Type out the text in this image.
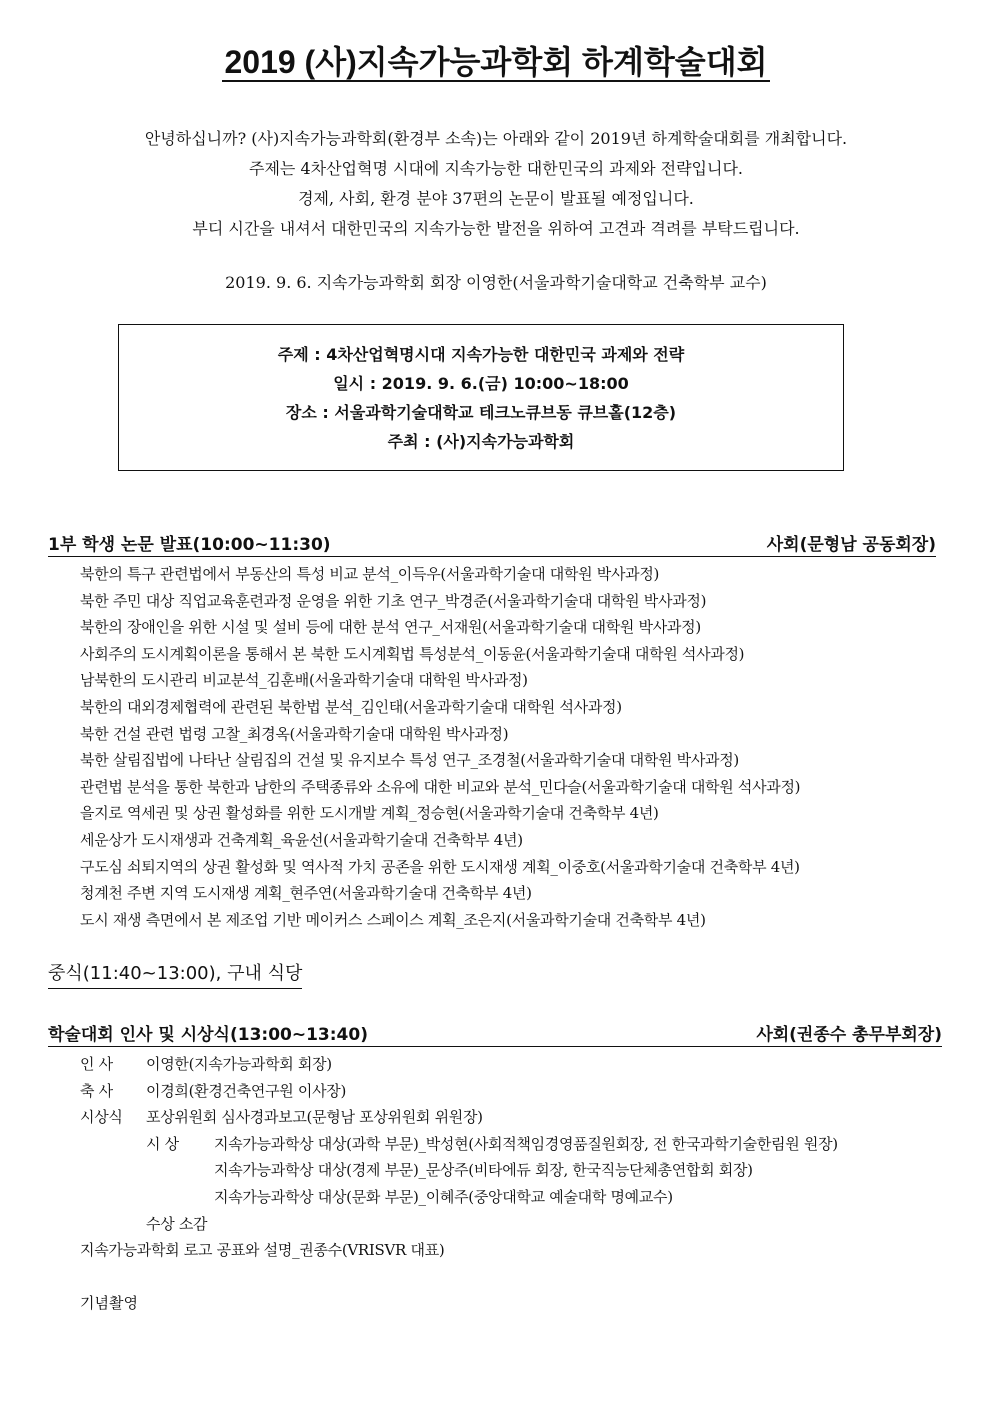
2019 (사)지속가능과학회 하계학술대회
안녕하십니까? (사)지속가능과학회(환경부 소속)는 아래와 같이 2019년 하계학술대회를 개최합니다.
주제는 4차산업혁명 시대에 지속가능한 대한민국의 과제와 전략입니다.
경제, 사회, 환경 분야 37편의 논문이 발표될 예정입니다.
부디 시간을 내셔서 대한민국의 지속가능한 발전을 위하여 고견과 격려를 부탁드립니다.
2019. 9. 6. 지속가능과학회 회장 이영한(서울과학기술대학교 건축학부 교수)
주제 : 4차산업혁명시대 지속가능한 대한민국 과제와 전략
일시 : 2019. 9. 6.(금) 10:00~18:00
장소 : 서울과학기술대학교 테크노큐브동 큐브홀(12층)
주최 : (사)지속가능과학회
1부 학생 논문 발표(10:00~11:30)	사회(문형남 공동회장)
북한의 특구 관련법에서 부동산의 특성 비교 분석_이득우(서울과학기술대 대학원 박사과정)
북한 주민 대상 직업교육훈련과정 운영을 위한 기초 연구_박경준(서울과학기술대 대학원 박사과정)
북한의 장애인을 위한 시설 및 설비 등에 대한 분석 연구_서재원(서울과학기술대 대학원 박사과정)
사회주의 도시계획이론을 통해서 본 북한 도시계획법 특성분석_이동윤(서울과학기술대 대학원 석사과정)
남북한의 도시관리 비교분석_김훈배(서울과학기술대 대학원 박사과정)
북한의 대외경제협력에 관련된 북한법 분석_김인태(서울과학기술대 대학원 석사과정)
북한 건설 관련 법령 고찰_최경옥(서울과학기술대 대학원 박사과정)
북한 살림집법에 나타난 살림집의 건설 및 유지보수 특성 연구_조경철(서울과학기술대 대학원 박사과정)
관련법 분석을 통한 북한과 남한의 주택종류와 소유에 대한 비교와 분석_민다슬(서울과학기술대 대학원 석사과정)
을지로 역세권 및 상권 활성화를 위한 도시개발 계획_정승현(서울과학기술대 건축학부 4년)
세운상가 도시재생과 건축계획_육윤선(서울과학기술대 건축학부 4년)
구도심 쇠퇴지역의 상권 활성화 및 역사적 가치 공존을 위한 도시재생 계획_이중호(서울과학기술대 건축학부 4년)
청계천 주변 지역 도시재생 계획_현주연(서울과학기술대 건축학부 4년)
도시 재생 측면에서 본 제조업 기반 메이커스 스페이스 계획_조은지(서울과학기술대 건축학부 4년)
중식(11:40~13:00), 구내 식당
학술대회 인사 및 시상식(13:00~13:40)	사회(권종수 총무부회장)
인 사 이영한(지속가능과학회 회장)
축 사 이경희(환경건축연구원 이사장)
시상식 포상위원회 심사경과보고(문형남 포상위원회 위원장)
시 상 지속가능과학상 대상(과학 부문)_박성현(사회적책임경영품질원회장, 전 한국과학기술한림원 원장)
지속가능과학상 대상(경제 부문)_문상주(비타에듀 회장, 한국직능단체총연합회 회장)
지속가능과학상 대상(문화 부문)_이혜주(중앙대학교 예술대학 명예교수)
수상 소감
지속가능과학회 로고 공표와 설명_권종수(VRISVR 대표)
기념촬영
